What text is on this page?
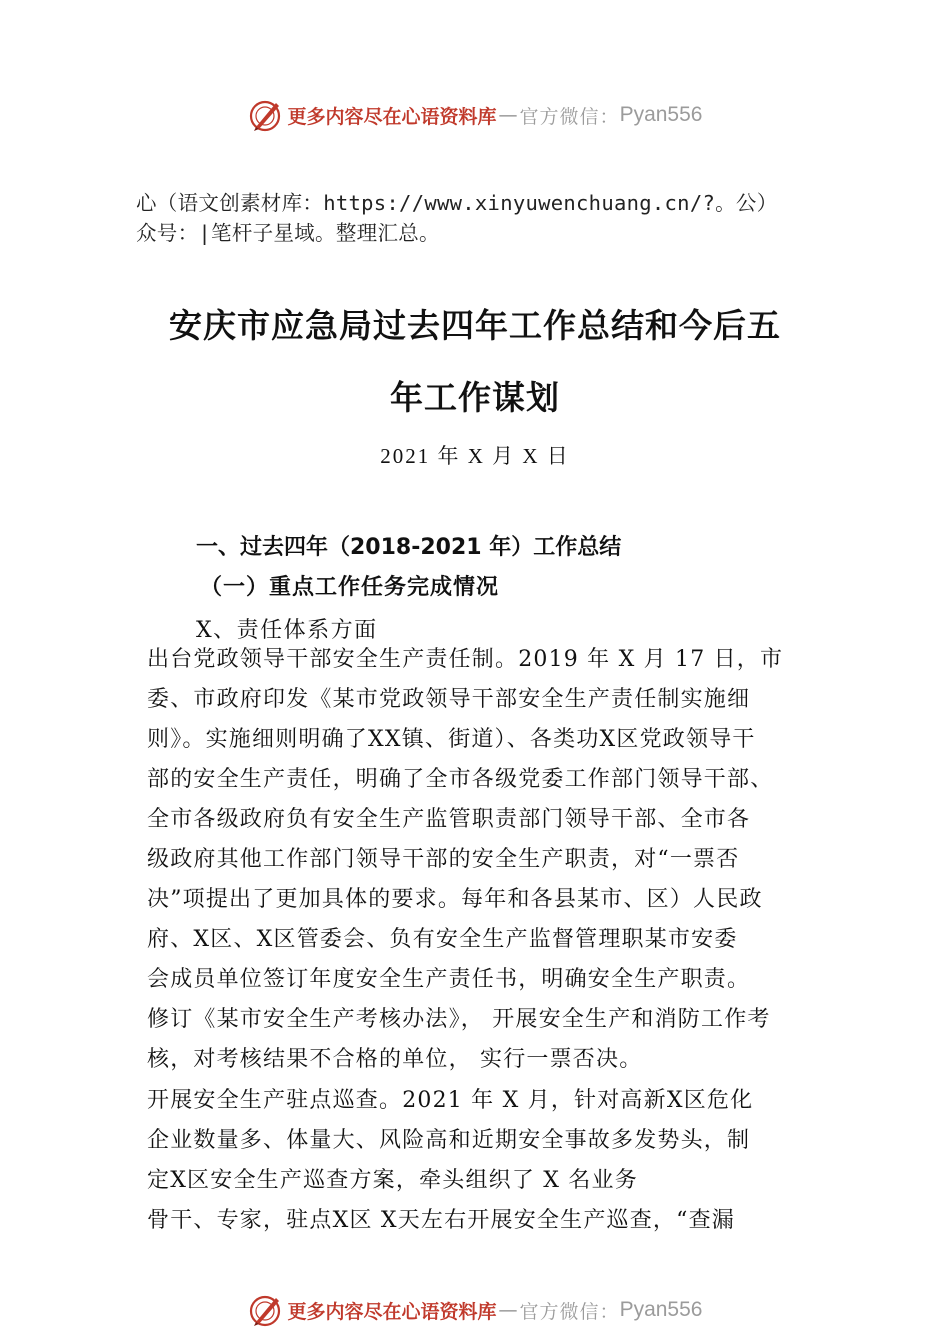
更多内容尽在心语资料库 — 官方微信： Pyan556
心（语文创素材库：https://www.xinyuwenchuang.cn/?。公）
众号：|笔杆子星域。整理汇总。
安庆市应急局过去四年工作总结和今后五
年工作谋划
2021 年 X 月 X 日
一、过去四年（2018-2021 年）工作总结
（一）重点工作任务完成情况
X、责任体系方面
出台党政领导干部安全生产责任制。2019 年 X 月 17 日，市
委、市政府印发《某市党政领导干部安全生产责任制实施细
则》。实施细则明确了XX镇、街道）、各类功X区党政领导干
部的安全生产责任，明确了全市各级党委工作部门领导干部、
全市各级政府负有安全生产监管职责部门领导干部、全市各
级政府其他工作部门领导干部的安全生产职责，对“一票否
决”项提出了更加具体的要求。每年和各县某市、区）人民政
府、X区、X区管委会、负有安全生产监督管理职某市安委
会成员单位签订年度安全生产责任书，明确安全生产职责。
修订《某市安全生产考核办法》， 开展安全生产和消防工作考
核，对考核结果不合格的单位， 实行一票否决。
开展安全生产驻点巡查。2021 年 X 月，针对高新X区危化
企业数量多、体量大、风险高和近期安全事故多发势头，制
定X区安全生产巡查方案，牵头组织了 X 名业务
骨干、专家，驻点X区 X天左右开展安全生产巡查，“查漏
更多内容尽在心语资料库 — 官方微信： Pyan556
